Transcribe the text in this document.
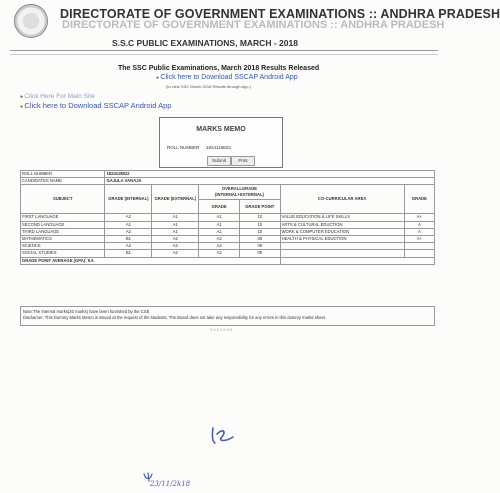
DIRECTORATE OF GOVERNMENT EXAMINATIONS :: ANDHRA PRADESH
DIRECTORATE OF GOVERNMENT EXAMINATIONS :: ANDHRA PRADESH
S.S.C PUBLIC EXAMINATIONS, MARCH - 2018
The SSC Public Examinations, March 2018 Results Released
● Click here to Download SSCAP Android App
(to view SSC March 2018 Results through App.)
● Click Here For Main Site
● Click here to Download SSCAP Android App
MARKS MEMO
ROLL NUMBER 1824118822
Submit	Print
ROLL NUMBER	1824118822					
CANDIDATES NAME	GAJULA VANAJA					
SUBJECT	GRADE (INTERNAL)	GRADE (EXTERNAL)	OVERALLGRADE (INTERNAL+EXTERNAL)		CO-CURRICULAR AREA	GRADE
			GRADE	GRADE POINT		
FIRST LANGUAGE	A2	A1	A1	10	VALUE EDUCATION & LIFE SKILLS	A+
SECOND LANGUAGE	A1	A1	A1	10	ARTS & CULTURAL EDUCTION	A
THIRD LANGUAGE	A2	A1	A1	10	WORK & COMPUTER EDUCATION	A
MATHEMATICS	B1	A2	A2	09	HEALTH & PHYSICAL EDUCTION	A+
SCIENCE	A2	A2	A2	09		
SOCIAL STUDIES	B1	A2	A2	09		
GRADE POINT AVERAGE (GPA): 9.5						
Note:The Internal marks(20 marks) have been furnished by the CSE
Disclaimer: This Dummy Marks Memo is issued at the request of the students. The Board does not take any responsibility for any errors in this dummy marks sheet.
5 8 8 3 8 8 8
23/11/2k18
